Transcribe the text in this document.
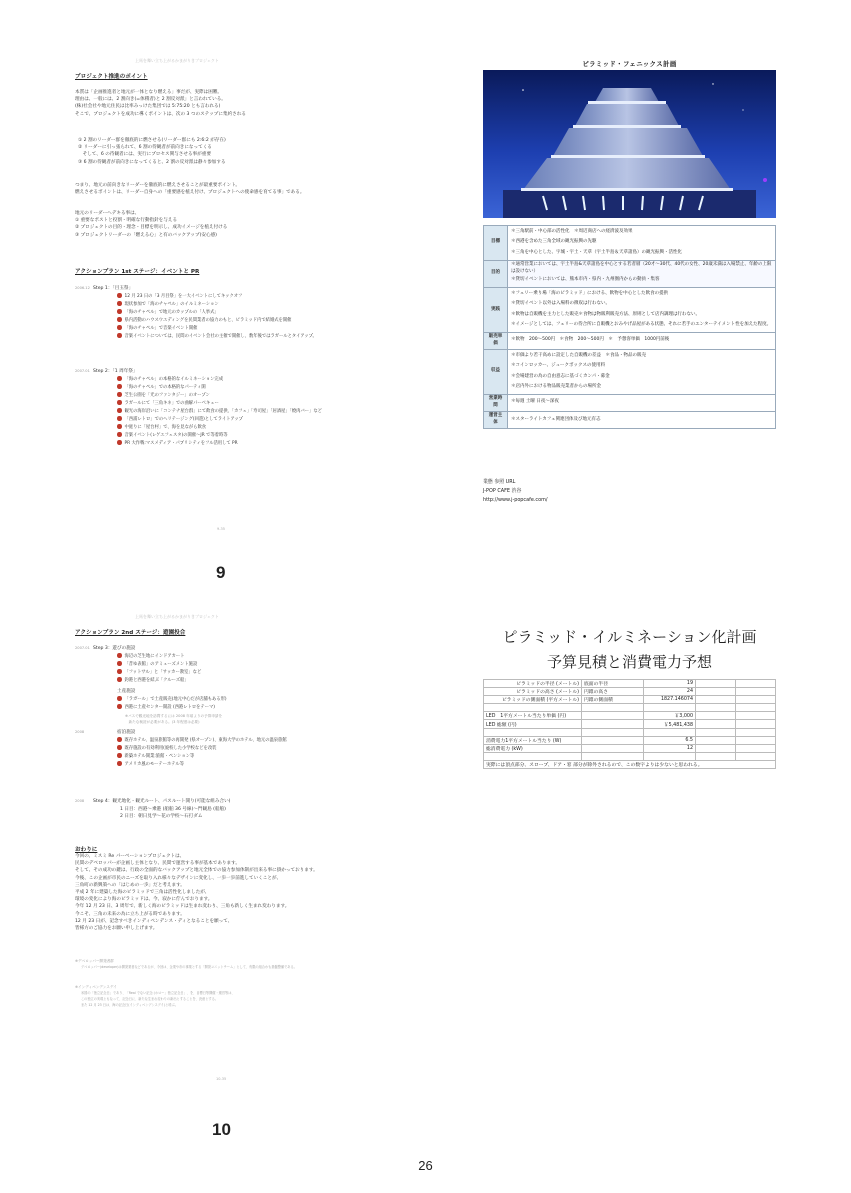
上馬を舞い立ち上がるかまがりきプロジェクト
プロジェクト推進のポイント
本質は「企画推進者と地元が一体となり燃える」事だが、実際は困難。
理由は、一般には、2 割向き(=体積者)と 2 割反対派」と言われている。
(株)社会社や地元住民は比率みっけた集団では 5:75:20 とも言われる)
そこで、プロジェクトを成功に導くポイントは、次の 3 つのステップに集約される
① 2 割のリーダー群を徹底的に燃させる(リーダー群にも 2:6:2 が存在)
② リーダーに引っ張られて、6 割の待観者が前向きになってくる
　そして、6 の待観者には、実行にプロセス関与させる事が重要
③ 6 割の待観者が前向きになってくると、2 割の反対派は静々参加する
つまり、地元の前向きなリーダーを徹底的に燃えさせることが最重要ポイント。
燃えさせるポイントは、リーダー自身への「重要感を植え付け、プロジェクトへの使命感を育てる事」である。
地元のリーダーへデキる事は、
① 重要なポストと役割・明確な行動指針を与える
② プロジェクトの目的・理念・目標を明示し、成功イメージを植え付ける
③ プロジェクトリーダーの「燃える心」と有のバックアップ(安心感)
アクションプラン 1st ステージ：イベントと PR
2006.12 Step 1：「目玉祭」
12 月 23 日の「3 月目祭」を一大イベントにしてキックオフ
現状参加で「海のチャペル」のイルミネーション
「海のチャペル」で地元のカップルの「人挙式」
県内活動のハウスウエディングを民間業者の協力のもと、ピラミッド内で結婚式を開催
「海のチャペル」で音楽イベント開催
音楽イベントについては、民間のイベント会社の主催で開催し、数年後ではラガールとタイアップ。
2007.01 Step 2：「1 周年祭」
「海のチャペル」の本格的なイルミネーション完成
「海のチャペル」での本格的なパーティ開
芝生公園を「光のファンタジー」のオープン
ラガールにて「三角キネ」での曲解パーベキュー
観光の海岸沿いに「コンテナ屋台群」にて飲食の提供、「カフェ」「寿司屋」「居酒屋」「焼肉バー」など
「西浦レトロ」でのヘリテージング(回遊)としてライトアップ
中庭りに「屋台村」で、海を見ながら飲食
音楽イベント(レゲエフェスタ)の開催〜JR で等着時等
PR 大作戦:マスメディア・パブリシティをフル活用して PR
9-35
9
ピラミッド・フェニックス計画
目標	＊三角駅前・中心部の活性化　＊周辺商店への経済波及効果
＊西港を含めた三角全域の観光振興の先駆
＊三角を中心とした、宇城・宇土・天草（宇土半島＆天草諸島）の観光振興・活性化

目的	＊通常営業においては、宇土半島&天草諸島を中心とする若者層（20才〜30代、40代の女性、20歳未満は入場禁止、年齢の上限は設けない）
＊貸切イベントにおいては、熊本市内・県内・九州圏内からの動員・集客

実践	＊フェリー乗り場「海のピラミッド」における、飲物を中心とした飲食の提供
＊貸切イベント以外は入場料の徴収は行わない。
＊飲物は自販機を主力とした販売＊食物は物販利販売方法、原則として店内調理は行わない。
＊イメージとしては、フェリーの待合所に自販機とおみやげ品屋がある状態、それに若手のエンターテイメント性を加えた程度。

販売単価	＊飲物　200〜500円　＊食物　200〜500円　＊　予想客単価　1000円前後

収益	＊市価より若干高めに設定した自販機の差益　＊食品・物品の販売
＊コインロッカー、ジュークボックスの使用料
＊会場建営の為の自由意志に基づくカンパ・募金
＊店内外における物品販売業者からの場所金

営業時間	＊毎週 土曜 日夜〜深夜

運営主体	＊スターライトカフェ関連団体及び地元有志
業態 参照 URL
J-POP CAFE 渋谷
http://www.j-popcafe.com/
上馬を舞い立ち上がるかまがりきプロジェクト
アクションプラン 2nd ステージ：遊園投合
2007.01 Step 3：遊びの施設
海辺の芝生地にインドアカート
「昔ゆ表館」のアミューズメント施設
「フットサル」と「サッカー教室」など
釣港と西港を結ぶ「クルーズ船」
土産施設
「ラガール」で土産販売(地元中心だが店舗もある形)
西港に土産センター開設 (西港レトロをテーマ)
※バスで観光地を訪問するには 2008 年頃よりの予算申請を
　新たな検討が必要がある。(3 年程度は必要)
2008	宿泊施設
既存ホテル、温泉旅館等の再開発 (県オープン)、東海大学のホテル、地元の温泉旅館
既存施設の有効利用(廃校した小学校などを改装
新築ホテル開業:旅館・ペンション等
アメリカ風のモーテーホテル等
2008 Step 4：観光地化・観光ルート、パスルート開り(可能な組み合い)
1 日目：西港〜乗港 (船舶 36 号線)〜門観島 (船舶)
2 日目：朝日見学〜花の学校〜石打ダム
おわりに
今回の、ミスミ Re パーベーションプロジェクトは、
民間のデベロッパーが企画し主体となり、民間で運営する事が基本であります。
そして、その成功の鍵は、行政の全面的なバックアップと地元全体での協力参加体制が出来る事に掛かっております。
今後、この企画が市民のニーズを取り入れ様々なデザインに変化し、一歩一歩前進していくことが、
三角町の新興策への「はじめの一歩」だと考えます。
平成 2 年に建築した海のピラミッドで三角は活性化しましたが、
環境の変化により海のピラミッドは、今、寂かに佇んでおります。
今年 12 月 23 日、3 周年で、新しく海のピラミッドは生まれ変わり、三角も新しく生まれ変わります。
今こそ、三角の未来の為に立ち上がる時であります。
12 月 23 日が、記念すべきインディペンデンス・ディとなることを願って、
皆様方のご協力をお願い申し上げます。
※デベロッパー開発者群
デベロッパー(developer)は開発業者などであるが、今回は、企業や市の事業とする「開発ユニットチーム」として、有限の組合わも基盤整備である。
※インディペンデンスデイ
米国の「独立記念日」であり、「Real でない記念 (ホロー」独立記念日」、を、目標日等開催・運営等は、
この独立の実現ともなって、記念日に、新たな生まれ変わりの新出とすることを、決意とする。
また 12 月 23 日は、海の記念日(インディペンデンスデイ)と呼ぶ。
10-35
10
ピラミッド・イルミネーション化計画
予算見積と消費電力予想
ピラミッドの半径 (メートル)	底面の半径	19		
ピラミッドの高さ (メートル)	円錐の高さ	24		
ピラミッドの側面積 (平方メートル)	円錐の側面積	1827.146074		

LED　1平方メートル当たり単価 (円)		￥3,000		
LED 総額 (円)		￥5,481,438		

消費電力1平方メートル当たり (W)		6.5		
総消費電力 (kW)		12		

実際には頂点部分、スロープ、ドア・窓 部分が除外されるので、この数字よりは少ないと思われる。				
26
